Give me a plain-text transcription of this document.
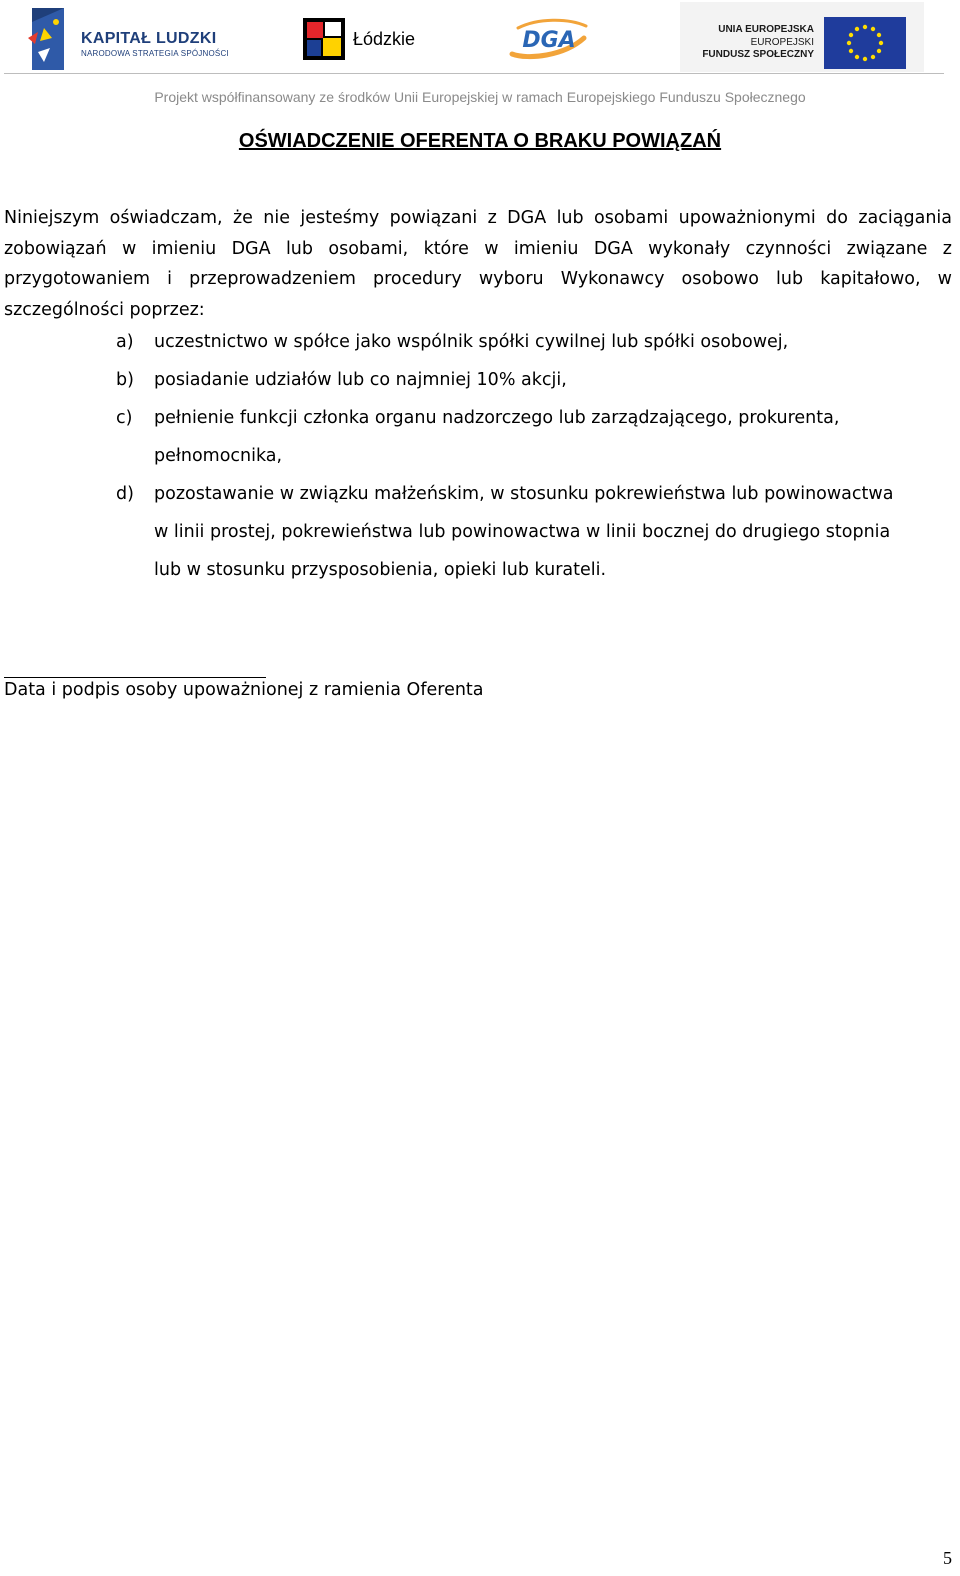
KAPITAŁ LUDZKI
NARODOWA STRATEGIA SPÓJNOŚCI
Łódzkie	DGA	UNIA EUROPEJSKA
EUROPEJSKI
FUNDUSZ SPOŁECZNY
Projekt współfinansowany ze środków Unii Europejskiej w ramach Europejskiego Funduszu Społecznego
OŚWIADCZENIE OFERENTA O BRAKU POWIĄZAŃ
Niniejszym oświadczam, że nie jesteśmy powiązani z DGA lub osobami upoważnionymi do zaciągania
zobowiązań w imieniu DGA lub osobami, które w imieniu DGA wykonały czynności związane z
przygotowaniem i przeprowadzeniem procedury wyboru Wykonawcy osobowo lub kapitałowo, w
szczególności poprzez:
a) uczestnictwo w spółce jako wspólnik spółki cywilnej lub spółki osobowej,
b) posiadanie udziałów lub co najmniej 10% akcji,
c) pełnienie funkcji członka organu nadzorczego lub zarządzającego, prokurenta,
pełnomocnika,
d) pozostawanie w związku małżeńskim, w stosunku pokrewieństwa lub powinowactwa
w linii prostej, pokrewieństwa lub powinowactwa w linii bocznej do drugiego stopnia
lub w stosunku przysposobienia, opieki lub kurateli.
Data i podpis osoby upoważnionej z ramienia Oferenta
5
